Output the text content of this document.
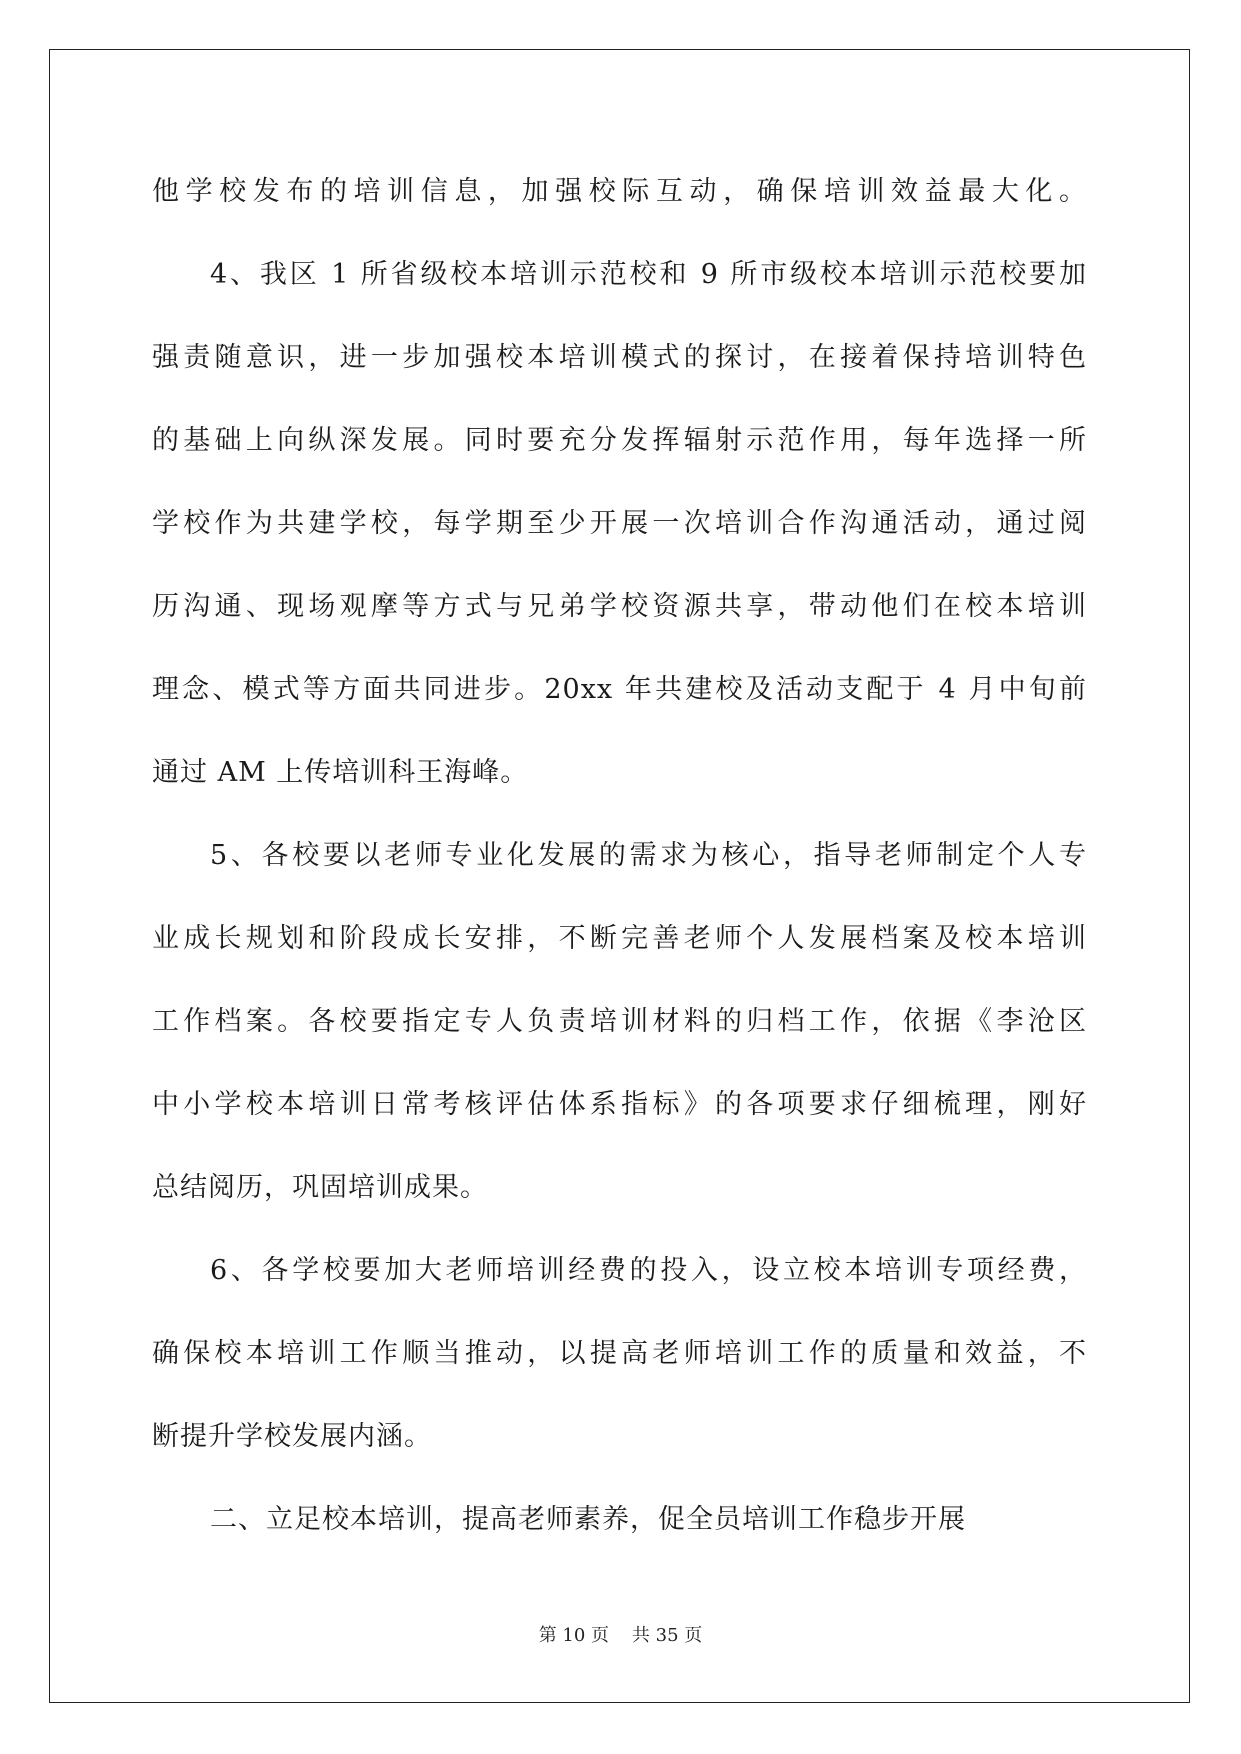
他学校发布的培训信息，加强校际互动，确保培训效益最大化。
4、我区 1 所省级校本培训示范校和 9 所市级校本培训示范校要加
强责随意识，进一步加强校本培训模式的探讨，在接着保持培训特色
的基础上向纵深发展。同时要充分发挥辐射示范作用，每年选择一所
学校作为共建学校，每学期至少开展一次培训合作沟通活动，通过阅
历沟通、现场观摩等方式与兄弟学校资源共享，带动他们在校本培训
理念、模式等方面共同进步。20xx 年共建校及活动支配于 4 月中旬前
通过 AM 上传培训科王海峰。
5、各校要以老师专业化发展的需求为核心，指导老师制定个人专
业成长规划和阶段成长安排，不断完善老师个人发展档案及校本培训
工作档案。各校要指定专人负责培训材料的归档工作，依据《李沧区
中小学校本培训日常考核评估体系指标》的各项要求仔细梳理，刚好
总结阅历，巩固培训成果。
6、各学校要加大老师培训经费的投入，设立校本培训专项经费，
确保校本培训工作顺当推动，以提高老师培训工作的质量和效益，不
断提升学校发展内涵。
二、立足校本培训，提高老师素养，促全员培训工作稳步开展
第 10 页    共 35 页
